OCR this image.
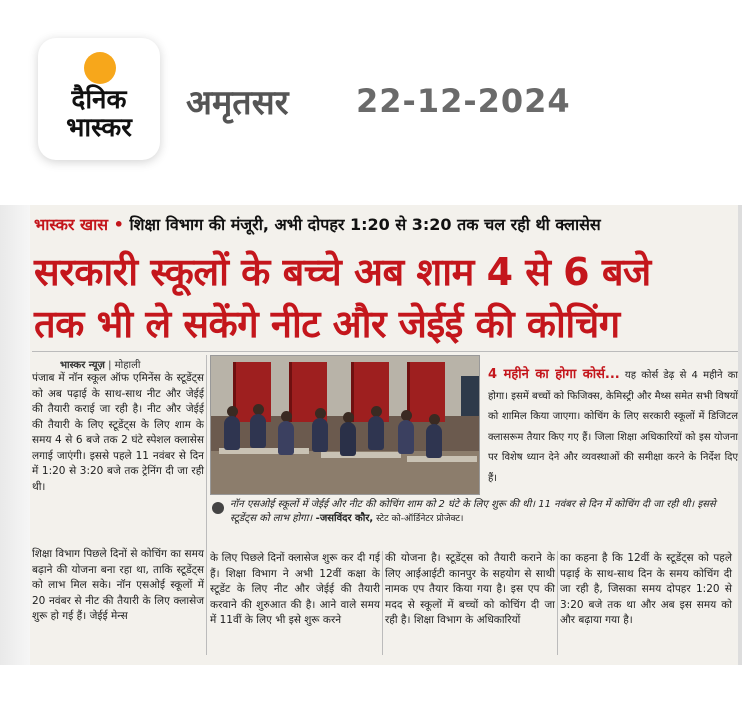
दैनिक
भास्कर
अमृतसर 22-12-2024
भास्कर खास • शिक्षा विभाग की मंजूरी, अभी दोपहर 1:20 से 3:20 तक चल रही थी क्लासेस
सरकारी स्कूलों के बच्चे अब शाम 4 से 6 बजे
तक भी ले सकेंगे नीट और जेईई की कोचिंग
भास्कर न्यूज़ | मोहाली
पंजाब में नॉन स्कूल ऑफ एमिनेंस के स्टूडेंट्स को अब पढ़ाई के साथ-साथ नीट और जेईई की तैयारी कराई जा रही है। नीट और जेईई की तैयारी के लिए स्टूडेंट्स के लिए शाम के समय 4 से 6 बजे तक 2 घंटे स्पेशल क्लासेस लगाई जाएंगी। इससे पहले 11 नवंबर से दिन में 1:20 से 3:20 बजे तक ट्रेनिंग दी जा रही थी।
शिक्षा विभाग पिछले दिनों से कोचिंग का समय बढ़ाने की योजना बना रहा था, ताकि स्टूडेंट्स को लाभ मिल सके। नॉन एसओई स्कूलों में 20 नवंबर से नीट की तैयारी के लिए क्लासेज शुरू हो गई हैं। जेईई मेन्स
4 महीने का होगा कोर्स... यह कोर्स डेढ़ से 4 महीने का होगा। इसमें बच्चों को फिजिक्स, केमिस्ट्री और मैथ्स समेत सभी विषयों को शामिल किया जाएगा। कोचिंग के लिए सरकारी स्कूलों में डिजिटल क्लासरूम तैयार किए गए हैं। जिला शिक्षा अधिकारियों को इस योजना पर विशेष ध्यान देने और व्यवस्थाओं की समीक्षा करने के निर्देश दिए हैं।
नॉन एसओई स्कूलों में जेईई और नीट की कोचिंग शाम को 2 घंटे के लिए शुरू की थी। 11 नवंबर से दिन में कोचिंग दी जा रही थी। इससे स्टूडेंट्स को लाभ होगा। -जसविंदर कौर, स्टेट को-ऑर्डिनेटर प्रोजेक्ट।
के लिए पिछले दिनों क्लासेज शुरू कर दी गई हैं। शिक्षा विभाग ने अभी 12वीं कक्षा के स्टूडेंट के लिए नीट और जेईई की तैयारी करवाने की शुरुआत की है। आने वाले समय में 11वीं के लिए भी इसे शुरू करने
की योजना है। स्टूडेंट्स को तैयारी कराने के लिए आईआईटी कानपुर के सहयोग से साथी नामक एप तैयार किया गया है। इस एप की मदद से स्कूलों में बच्चों को कोचिंग दी जा रही है। शिक्षा विभाग के अधिकारियों
का कहना है कि 12वीं के स्टूडेंट्स को पहले पढ़ाई के साथ-साथ दिन के समय कोचिंग दी जा रही है, जिसका समय दोपहर 1:20 से 3:20 बजे तक था और अब इस समय को और बढ़ाया गया है।
